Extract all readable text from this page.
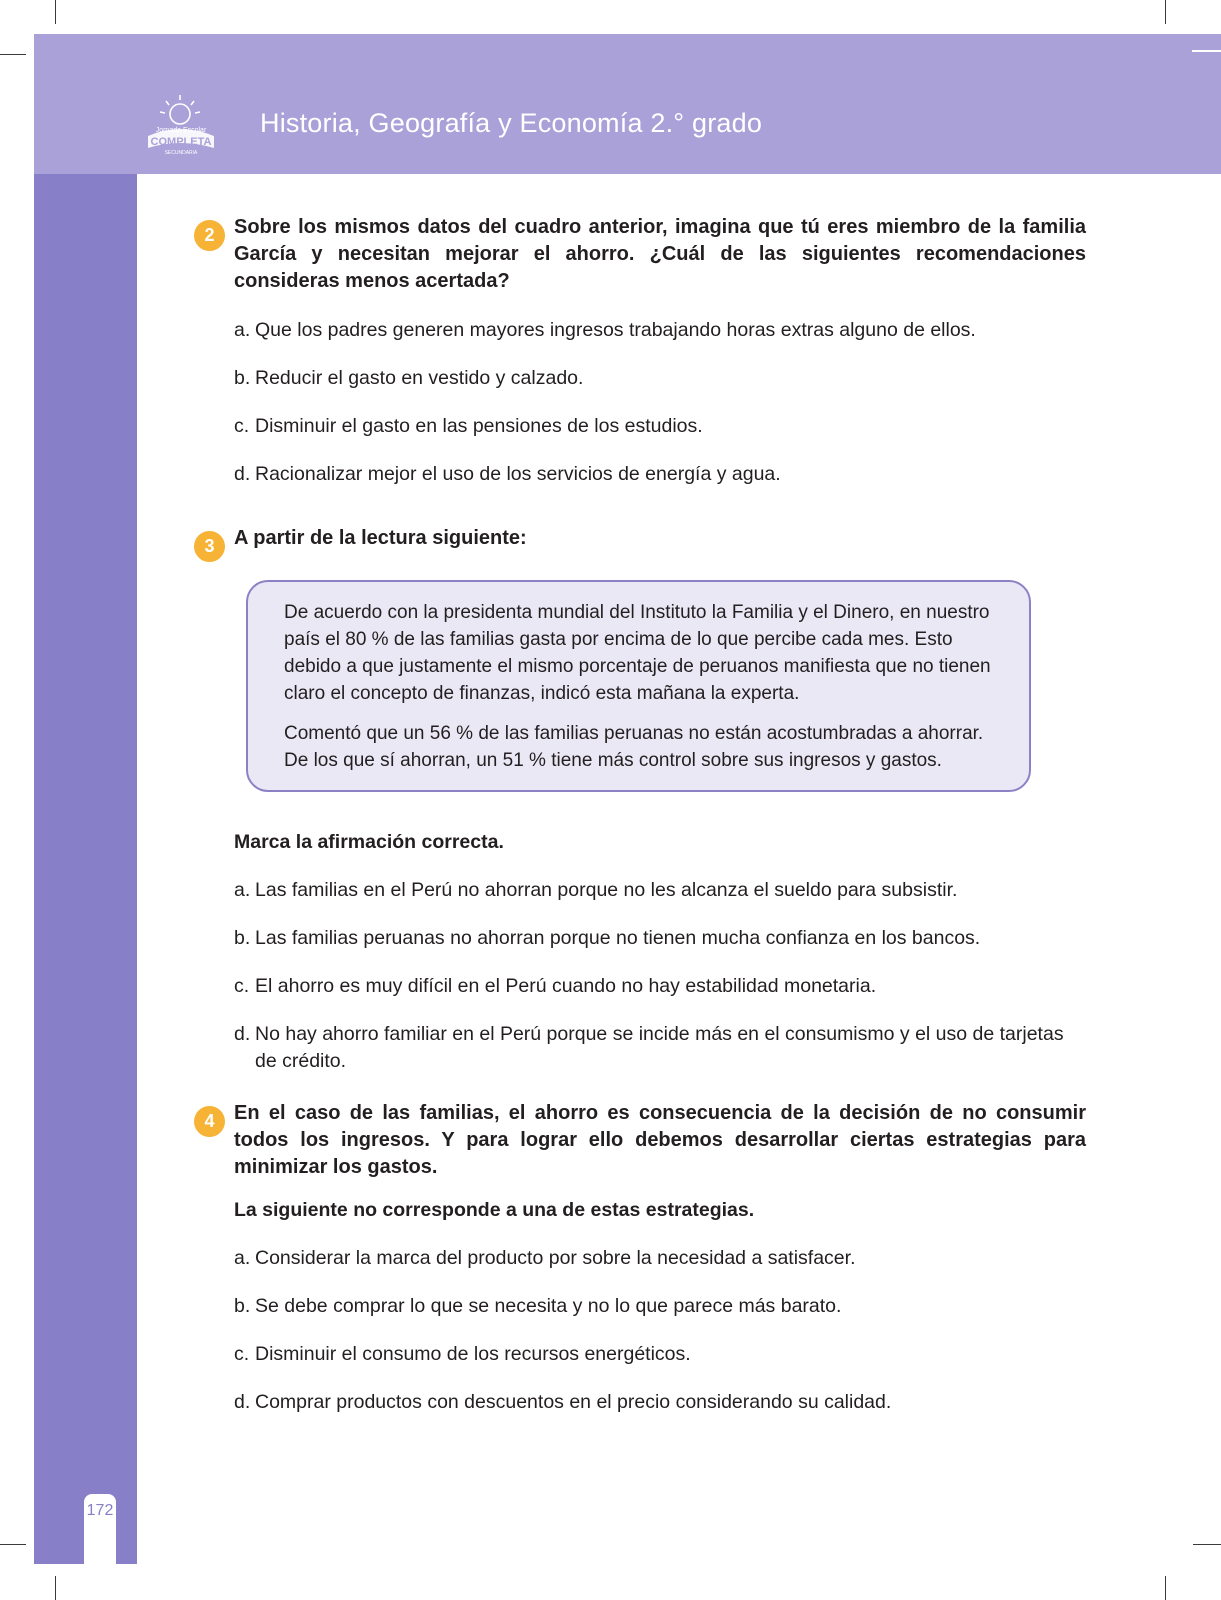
Jornada Escolar
COMPLETA
SECUNDARIA
Historia, Geografía y Economía 2.° grado
172
2 Sobre los mismos datos del cuadro anterior, imagina que tú eres miembro de la familia García y necesitan mejorar el ahorro. ¿Cuál de las siguientes recomendaciones consideras menos acertada?
a. Que los padres generen mayores ingresos trabajando horas extras alguno de ellos.
b. Reducir el gasto en vestido y calzado.
c. Disminuir el gasto en las pensiones de los estudios.
d. Racionalizar mejor el uso de los servicios de energía y agua.
3 A partir de la lectura siguiente:

De acuerdo con la presidenta mundial del Instituto la Familia y el Dinero, en nuestro país el 80 % de las familias gasta por encima de lo que percibe cada mes. Esto debido a que justamente el mismo porcentaje de peruanos manifiesta que no tienen claro el concepto de finanzas, indicó esta mañana la experta.

Comentó que un 56 % de las familias peruanas no están acostumbradas a ahorrar. De los que sí ahorran, un 51 % tiene más control sobre sus ingresos y gastos.

Marca la afirmación correcta.
a. Las familias en el Perú no ahorran porque no les alcanza el sueldo para subsistir.
b. Las familias peruanas no ahorran porque no tienen mucha confianza en los bancos.
c. El ahorro es muy difícil en el Perú cuando no hay estabilidad monetaria.
d. No hay ahorro familiar en el Perú porque se incide más en el consumismo y el uso de tarjetas de crédito.
4 En el caso de las familias, el ahorro es consecuencia de la decisión de no consumir todos los ingresos. Y para lograr ello debemos desarrollar ciertas estrategias para minimizar los gastos.
La siguiente no corresponde a una de estas estrategias.
a. Considerar la marca del producto por sobre la necesidad a satisfacer.
b. Se debe comprar lo que se necesita y no lo que parece más barato.
c. Disminuir el consumo de los recursos energéticos.
d. Comprar productos con descuentos en el precio considerando su calidad.
